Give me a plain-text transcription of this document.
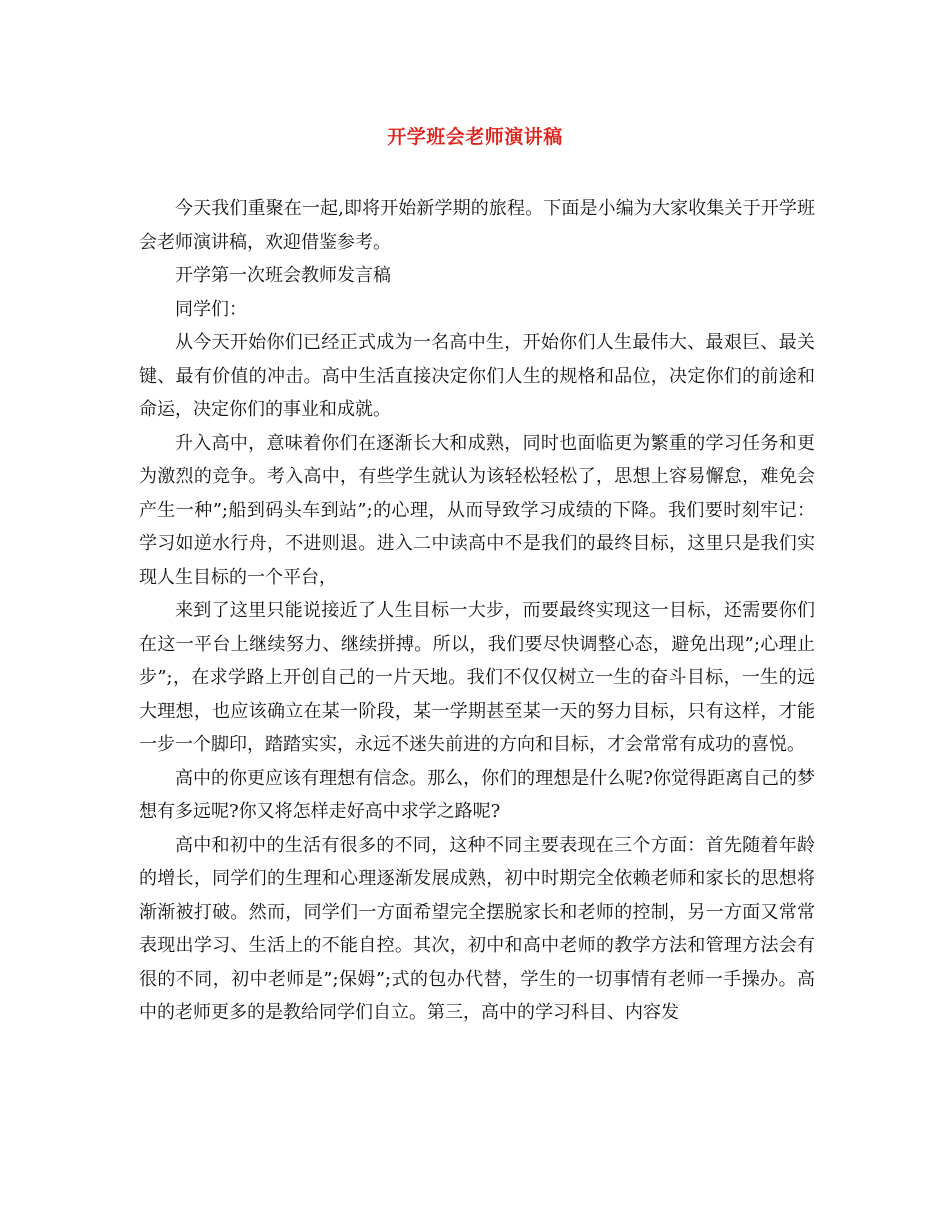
开学班会老师演讲稿

今天我们重聚在一起,即将开始新学期的旅程。下面是小编为大家收集关于开学班会老师演讲稿，欢迎借鉴参考。

开学第一次班会教师发言稿

同学们：

从今天开始你们已经正式成为一名高中生，开始你们人生最伟大、最艰巨、最关键、最有价值的冲击。高中生活直接决定你们人生的规格和品位，决定你们的前途和命运，决定你们的事业和成就。

升入高中，意味着你们在逐渐长大和成熟，同时也面临更为繁重的学习任务和更为激烈的竞争。考入高中，有些学生就认为该轻松轻松了，思想上容易懈怠，难免会产生一种”;船到码头车到站”;的心理，从而导致学习成绩的下降。我们要时刻牢记：学习如逆水行舟，不进则退。进入二中读高中不是我们的最终目标，这里只是我们实现人生目标的一个平台，

来到了这里只能说接近了人生目标一大步，而要最终实现这一目标，还需要你们在这一平台上继续努力、继续拼搏。所以，我们要尽快调整心态，避免出现”;心理止步”;，在求学路上开创自己的一片天地。我们不仅仅树立一生的奋斗目标，一生的远大理想，也应该确立在某一阶段，某一学期甚至某一天的努力目标，只有这样，才能一步一个脚印，踏踏实实，永远不迷失前进的方向和目标，才会常常有成功的喜悦。

高中的你更应该有理想有信念。那么，你们的理想是什么呢?你觉得距离自己的梦想有多远呢?你又将怎样走好高中求学之路呢?

高中和初中的生活有很多的不同，这种不同主要表现在三个方面：首先随着年龄的增长，同学们的生理和心理逐渐发展成熟，初中时期完全依赖老师和家长的思想将渐渐被打破。然而，同学们一方面希望完全摆脱家长和老师的控制，另一方面又常常表现出学习、生活上的不能自控。其次，初中和高中老师的教学方法和管理方法会有很的不同，初中老师是”;保姆”;式的包办代替，学生的一切事情有老师一手操办。高中的老师更多的是教给同学们自立。第三，高中的学习科目、内容发
